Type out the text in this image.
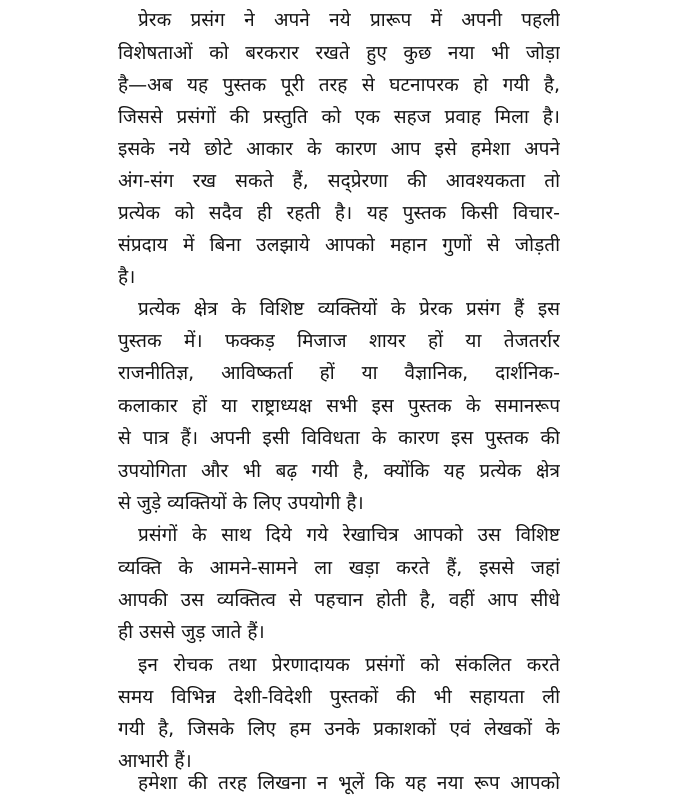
प्रेरक प्रसंग ने अपने नये प्रारूप में अपनी पहली
विशेषताओं को बरकरार रखते हुए कुछ नया भी जोड़ा
है—अब यह पुस्तक पूरी तरह से घटनापरक हो गयी है,
जिससे प्रसंगों की प्रस्तुति को एक सहज प्रवाह मिला है।
इसके नये छोटे आकार के कारण आप इसे हमेशा अपने
अंग-संग रख सकते हैं, सद्प्रेरणा की आवश्यकता तो
प्रत्येक को सदैव ही रहती है। यह पुस्तक किसी विचार-
संप्रदाय में बिना उलझाये आपको महान गुणों से जोड़ती
है।
प्रत्येक क्षेत्र के विशिष्ट व्यक्तियों के प्रेरक प्रसंग हैं इस
पुस्तक में। फक्कड़ मिजाज शायर हों या तेजतर्रार
राजनीतिज्ञ, आविष्कर्ता हों या वैज्ञानिक, दार्शनिक-
कलाकार हों या राष्ट्राध्यक्ष सभी इस पुस्तक के समानरूप
से पात्र हैं। अपनी इसी विविधता के कारण इस पुस्तक की
उपयोगिता और भी बढ़ गयी है, क्योंकि यह प्रत्येक क्षेत्र
से जुड़े व्यक्तियों के लिए उपयोगी है।
प्रसंगों के साथ दिये गये रेखाचित्र आपको उस विशिष्ट
व्यक्ति के आमने-सामने ला खड़ा करते हैं, इससे जहां
आपकी उस व्यक्तित्व से पहचान होती है, वहीं आप सीधे
ही उससे जुड़ जाते हैं।
इन रोचक तथा प्रेरणादायक प्रसंगों को संकलित करते
समय विभिन्न देशी-विदेशी पुस्तकों की भी सहायता ली
गयी है, जिसके लिए हम उनके प्रकाशकों एवं लेखकों के
आभारी हैं।
हमेशा की तरह लिखना न भूलें कि यह नया रूप आपको
